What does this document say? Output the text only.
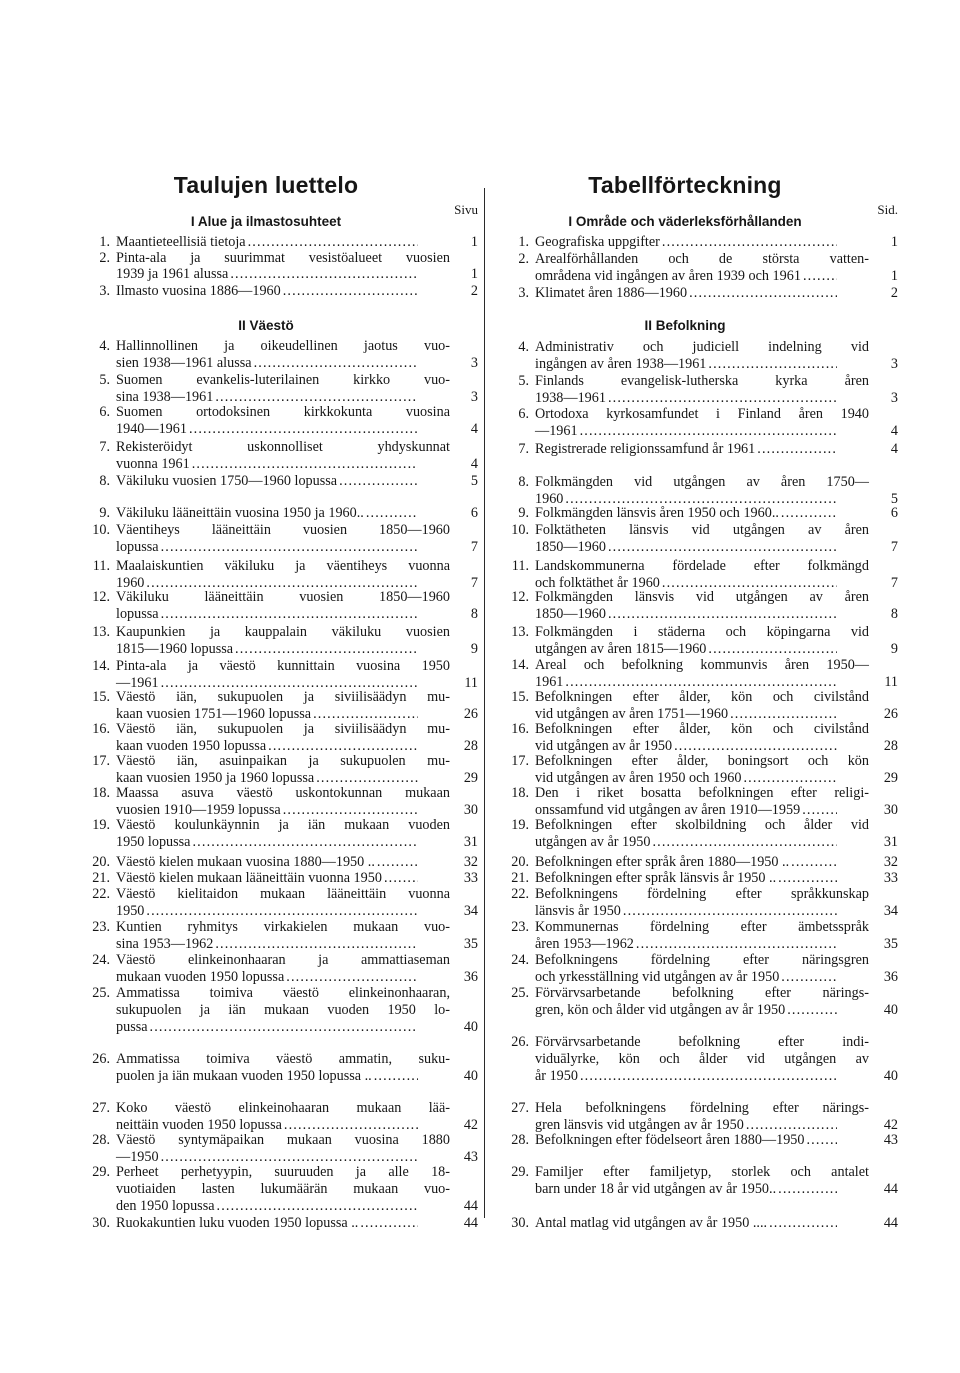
Taulujen luettelo
Sivu
I Alue ja ilmastosuhteet
1. Maantieteellisiä tietoja . . .	1
2. Pinta-ala ja suurimmat vesistöalueet vuosien
1939 ja 1961 alussa . . .	1
3. Ilmasto vuosina 1886—1960 . . .	2
II Väestö
4. Hallinnollinen ja oikeudellinen jaotus vuo-
sien 1938—1961 alussa . . .	3
5. Suomen evankelis-luterilainen kirkko vuo-
sina 1938—1961 . . .	3
6. Suomen ortodoksinen kirkkokunta vuosina
1940—1961 . . .	4
7. Rekisteröidyt uskonnolliset yhdyskunnat
vuonna 1961 . . .	4
8. Väkiluku vuosien 1750—1960 lopussa . . .	5
9. Väkiluku lääneittäin vuosina 1950 ja 1960.. . . .	6
10. Väentiheys lääneittäin vuosien 1850—1960
lopussa . . .	7
11. Maalaiskuntien väkiluku ja väentiheys vuonna
1960 . . .	7
12. Väkiluku lääneittäin vuosien 1850—1960
lopussa . . .	8
13. Kaupunkien ja kauppalain väkiluku vuosien
1815—1960 lopussa . . .	9
14. Pinta-ala ja väestö kunnittain vuosina 1950
—1961 . . .	11
15. Väestö iän, sukupuolen ja siviilisäädyn mu-
kaan vuosien 1751—1960 lopussa . . .	26
16. Väestö iän, sukupuolen ja siviilisäädyn mu-
kaan vuoden 1950 lopussa . . .	28
17. Väestö iän, asuinpaikan ja sukupuolen mu-
kaan vuosien 1950 ja 1960 lopussa . . .	29
18. Maassa asuva väestö uskontokunnan mukaan
vuosien 1910—1959 lopussa . . .	30
19. Väestö koulunkäynnin ja iän mukaan vuoden
1950 lopussa . . .	31
20. Väestö kielen mukaan vuosina 1880—1950 .. . . .	32
21. Väestö kielen mukaan lääneittäin vuonna 1950 . . .	33
22. Väestö kielitaidon mukaan lääneittäin vuonna
1950 . . .	34
23. Kuntien ryhmitys virkakielen mukaan vuo-
sina 1953—1962 . . .	35
24. Väestö elinkeinonhaaran ja ammattiaseman
mukaan vuoden 1950 lopussa . . .	36
25. Ammatissa toimiva väestö elinkeinonhaaran,
sukupuolen ja iän mukaan vuoden 1950 lo-
pussa . . .	40
26. Ammatissa toimiva väestö ammatin, suku-
puolen ja iän mukaan vuoden 1950 lopussa .. . . .	40
27. Koko väestö elinkeinohaaran mukaan lää-
neittäin vuoden 1950 lopussa . . .	42
28. Väestö syntymäpaikan mukaan vuosina 1880
—1950 . . .	43
29. Perheet perhetyypin, suuruuden ja alle 18-
vuotiaiden lasten lukumäärän mukaan vuo-
den 1950 lopussa . . .	44
30. Ruokakuntien luku vuoden 1950 lopussa .. . . .	44
Tabellförteckning
Sid.
I Område och väderleksförhållanden
1. Geografiska uppgifter . . .	1
2. Arealförhållanden och de största vatten-
områdena vid ingången av åren 1939 och 1961 . . .	1
3. Klimatet åren 1886—1960 . . .	2
II Befolkning
4. Administrativ och judiciell indelning vid
ingången av åren 1938—1961 . . .	3
5. Finlands evangelisk-lutherska kyrka åren
1938—1961 . . .	3
6. Ortodoxa kyrkosamfundet i Finland åren 1940
—1961 . . .	4
7. Registrerade religionssamfund år 1961 . . .	4
8. Folkmängden vid utgången av åren 1750—
1960 . . .	5
9. Folkmängden länsvis åren 1950 och 1960.. . . .	6
10. Folktätheten länsvis vid utgången av åren
1850—1960 . . .	7
11. Landskommunerna fördelade efter folkmängd
och folktäthet år 1960 . . .	7
12. Folkmängden länsvis vid utgången av åren
1850—1960 . . .	8
13. Folkmängden i städerna och köpingarna vid
utgången av åren 1815—1960 . . .	9
14. Areal och befolkning kommunvis åren 1950—
1961 . . .	11
15. Befolkningen efter ålder, kön och civilstånd
vid utgången av åren 1751—1960 . . .	26
16. Befolkningen efter ålder, kön och civilstånd
vid utgången av år 1950 . . .	28
17. Befolkningen efter ålder, boningsort och kön
vid utgången av åren 1950 och 1960 . . .	29
18. Den i riket bosatta befolkningen efter religi-
onssamfund vid utgången av åren 1910—1959 . . .	30
19. Befolkningen efter skolbildning och ålder vid
utgången av år 1950 . . .	31
20. Befolkningen efter språk åren 1880—1950 .. . . .	32
21. Befolkningen efter språk länsvis år 1950 .. . . .	33
22. Befolkningens fördelning efter språkkunskap
länsvis år 1950 . . .	34
23. Kommunernas fördelning efter ämbetsspråk
åren 1953—1962 . . .	35
24. Befolkningens fördelning efter näringsgren
och yrkesställning vid utgången av år 1950 . . .	36
25. Förvärvsarbetande befolkning efter närings-
gren, kön och ålder vid utgången av år 1950 . . .	40
26. Förvärvsarbetande befolkning efter indi-
viduālyrke, kön och ålder vid utgången av
år 1950 . . .	40
27. Hela befolkningens fördelning efter närings-
gren länsvis vid utgången av år 1950 . . .	42
28. Befolkningen efter födelseort åren 1880—1950 . . .	43
29. Familjer efter familjetyp, storlek och antalet
barn under 18 år vid utgången av år 1950.. . . .	44
30. Antal matlag vid utgången av år 1950 .... . . .	44
